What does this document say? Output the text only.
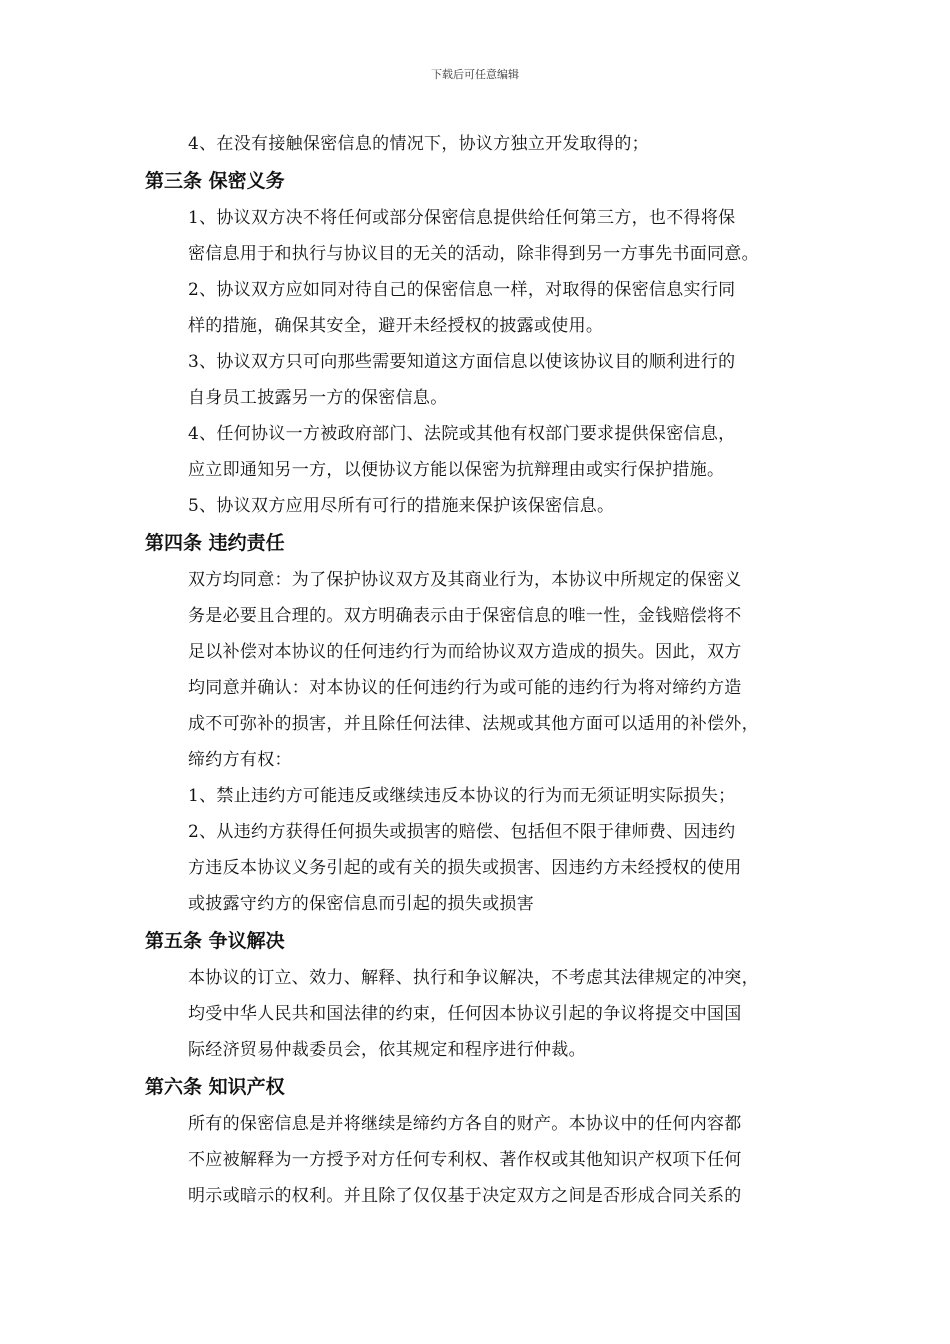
下载后可任意编辑
4、在没有接触保密信息的情况下，协议方独立开发取得的；
第三条 保密义务
1、协议双方决不将任何或部分保密信息提供给任何第三方，也不得将保
密信息用于和执行与协议目的无关的活动，除非得到另一方事先书面同意。
2、协议双方应如同对待自己的保密信息一样，对取得的保密信息实行同
样的措施，确保其安全，避开未经授权的披露或使用。
3、协议双方只可向那些需要知道这方面信息以使该协议目的顺利进行的
自身员工披露另一方的保密信息。
4、任何协议一方被政府部门、法院或其他有权部门要求提供保密信息，
应立即通知另一方，以便协议方能以保密为抗辩理由或实行保护措施。
5、协议双方应用尽所有可行的措施来保护该保密信息。
第四条 违约责任
双方均同意：为了保护协议双方及其商业行为，本协议中所规定的保密义
务是必要且合理的。双方明确表示由于保密信息的唯一性，金钱赔偿将不
足以补偿对本协议的任何违约行为而给协议双方造成的损失。因此，双方
均同意并确认：对本协议的任何违约行为或可能的违约行为将对缔约方造
成不可弥补的损害，并且除任何法律、法规或其他方面可以适用的补偿外，
缔约方有权：
1、禁止违约方可能违反或继续违反本协议的行为而无须证明实际损失；
2、从违约方获得任何损失或损害的赔偿、包括但不限于律师费、因违约
方违反本协议义务引起的或有关的损失或损害、因违约方未经授权的使用
或披露守约方的保密信息而引起的损失或损害
第五条 争议解决
本协议的订立、效力、解释、执行和争议解决，不考虑其法律规定的冲突，
均受中华人民共和国法律的约束，任何因本协议引起的争议将提交中国国
际经济贸易仲裁委员会，依其规定和程序进行仲裁。
第六条 知识产权
所有的保密信息是并将继续是缔约方各自的财产。本协议中的任何内容都
不应被解释为一方授予对方任何专利权、著作权或其他知识产权项下任何
明示或暗示的权利。并且除了仅仅基于决定双方之间是否形成合同关系的
